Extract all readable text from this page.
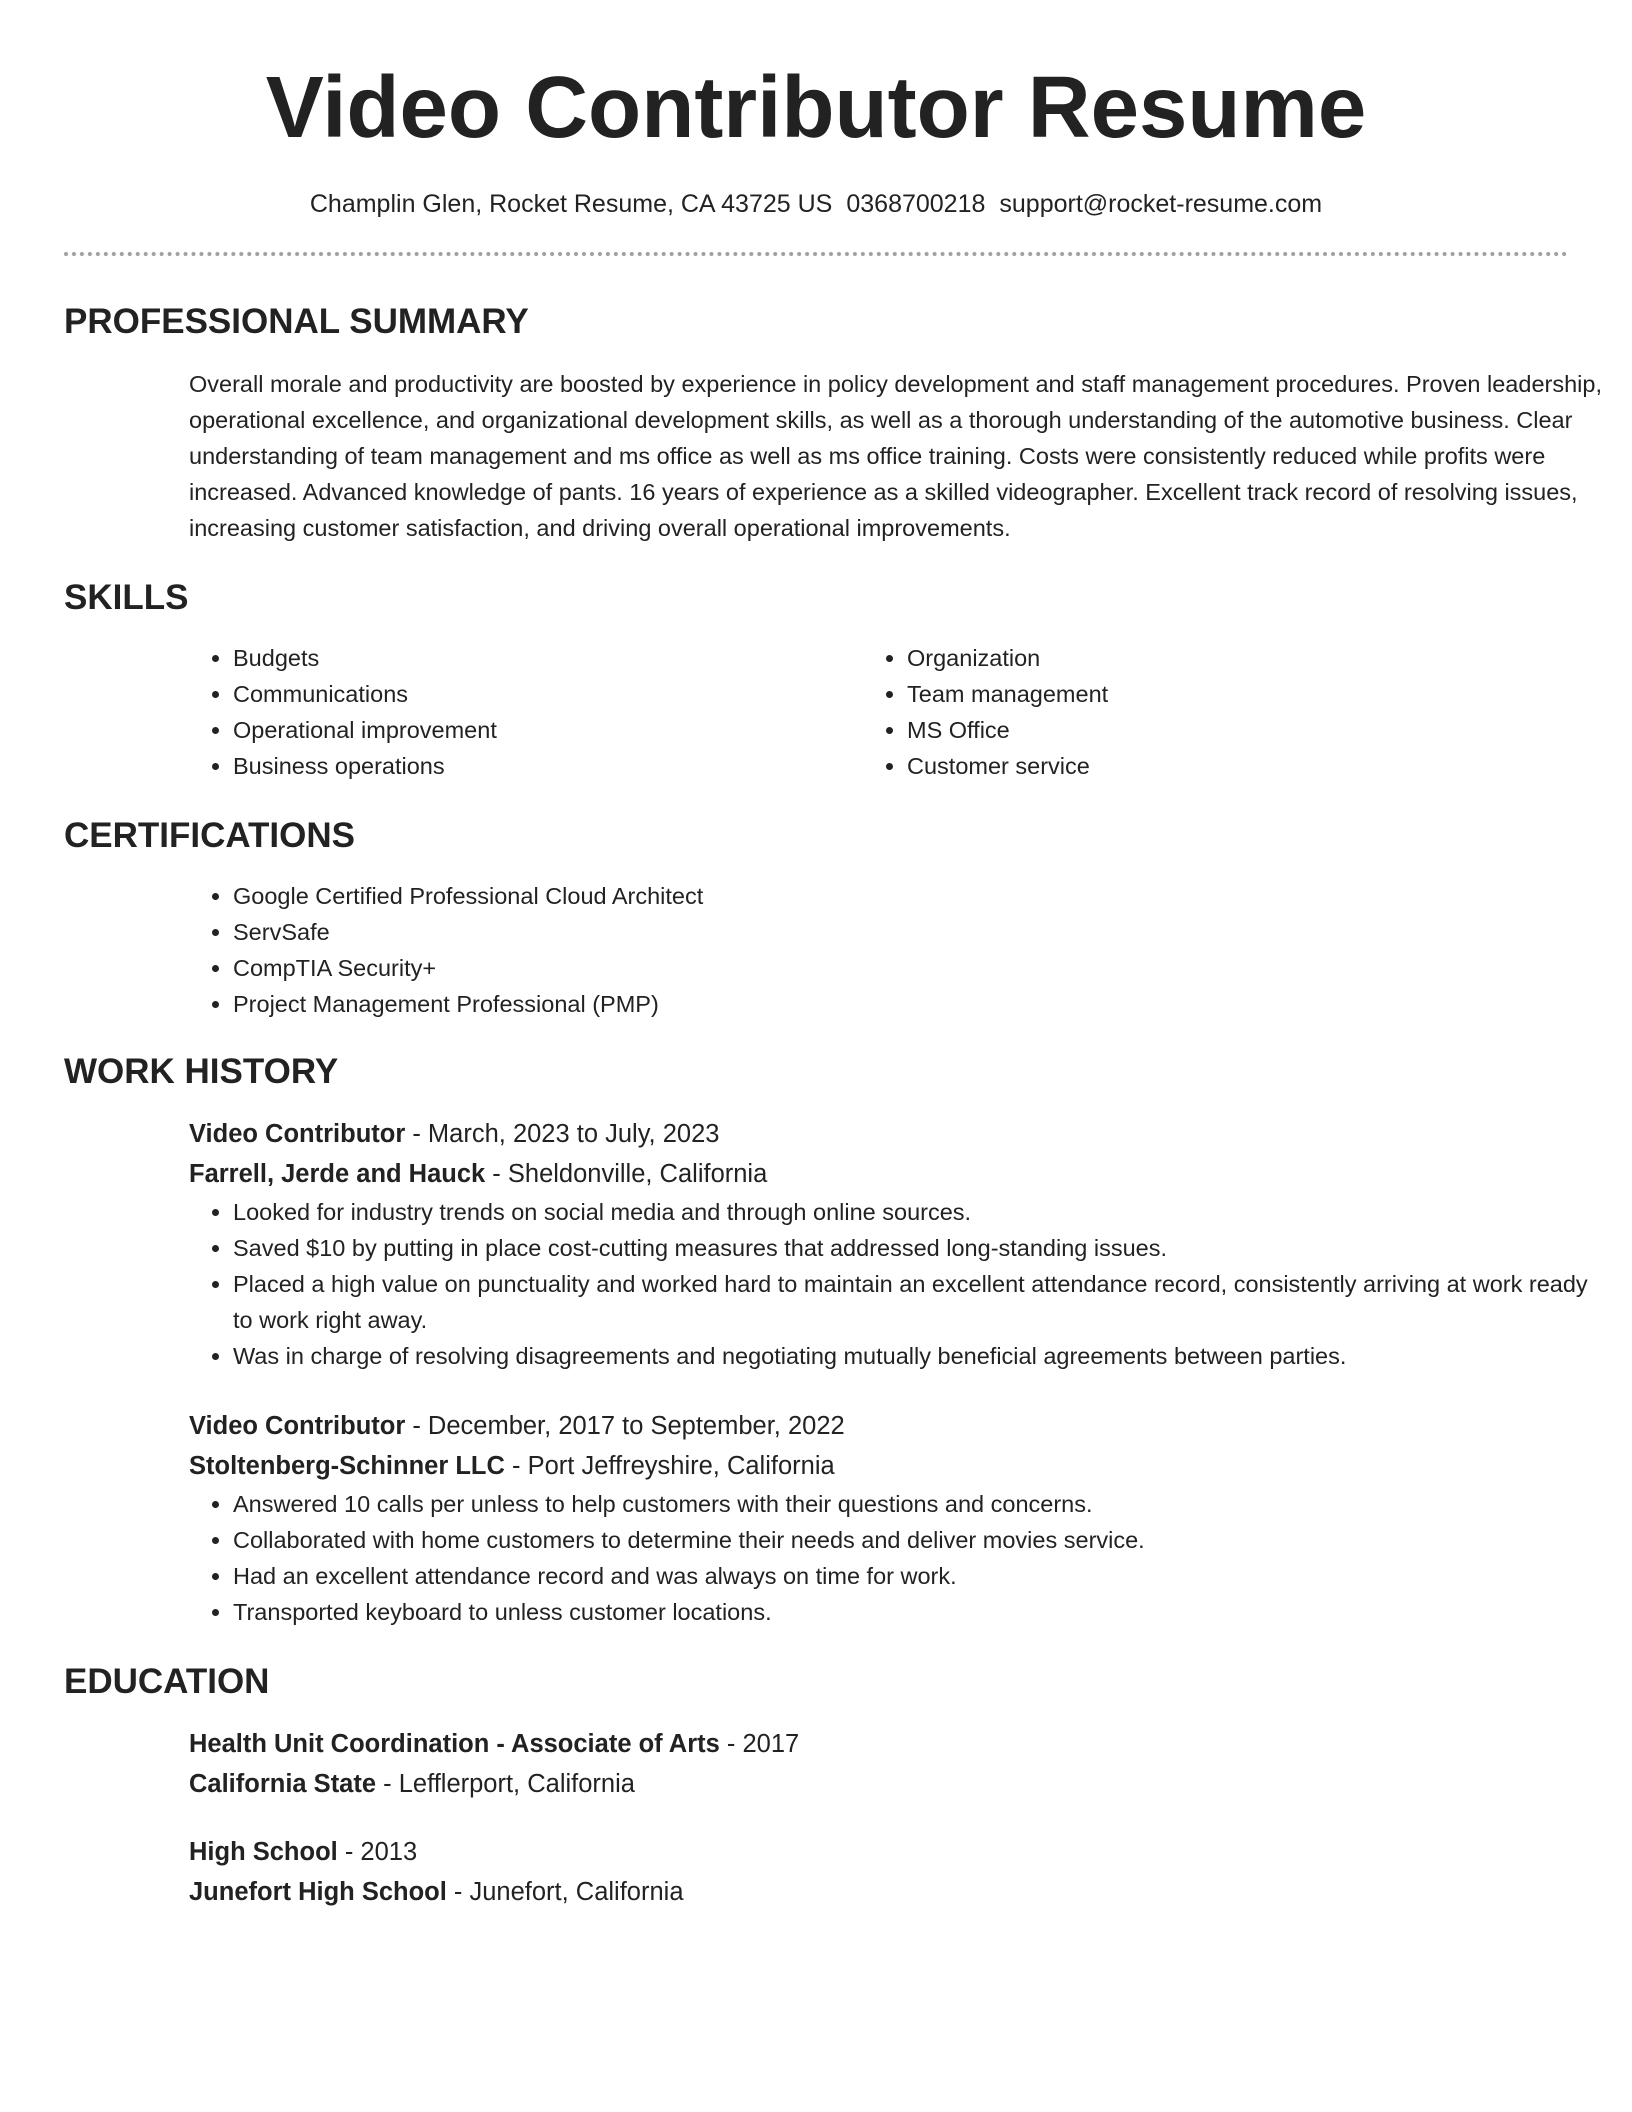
Video Contributor Resume
Champlin Glen, Rocket Resume, CA 43725 US 0368700218 support@rocket-resume.com
PROFESSIONAL SUMMARY
Overall morale and productivity are boosted by experience in policy development and staff management procedures. Proven leadership, operational excellence, and organizational development skills, as well as a thorough understanding of the automotive business. Clear understanding of team management and ms office as well as ms office training. Costs were consistently reduced while profits were increased. Advanced knowledge of pants. 16 years of experience as a skilled videographer. Excellent track record of resolving issues, increasing customer satisfaction, and driving overall operational improvements.
SKILLS
• Budgets
• Communications
• Operational improvement
• Business operations
• Organization
• Team management
• MS Office
• Customer service
CERTIFICATIONS
• Google Certified Professional Cloud Architect
• ServSafe
• CompTIA Security+
• Project Management Professional (PMP)
WORK HISTORY
Video Contributor - March, 2023 to July, 2023
Farrell, Jerde and Hauck - Sheldonville, California
• Looked for industry trends on social media and through online sources.
• Saved $10 by putting in place cost-cutting measures that addressed long-standing issues.
• Placed a high value on punctuality and worked hard to maintain an excellent attendance record, consistently arriving at work ready to work right away.
• Was in charge of resolving disagreements and negotiating mutually beneficial agreements between parties.
Video Contributor - December, 2017 to September, 2022
Stoltenberg-Schinner LLC - Port Jeffreyshire, California
• Answered 10 calls per unless to help customers with their questions and concerns.
• Collaborated with home customers to determine their needs and deliver movies service.
• Had an excellent attendance record and was always on time for work.
• Transported keyboard to unless customer locations.
EDUCATION
Health Unit Coordination - Associate of Arts - 2017
California State - Lefflerport, California
High School - 2013
Junefort High School - Junefort, California
